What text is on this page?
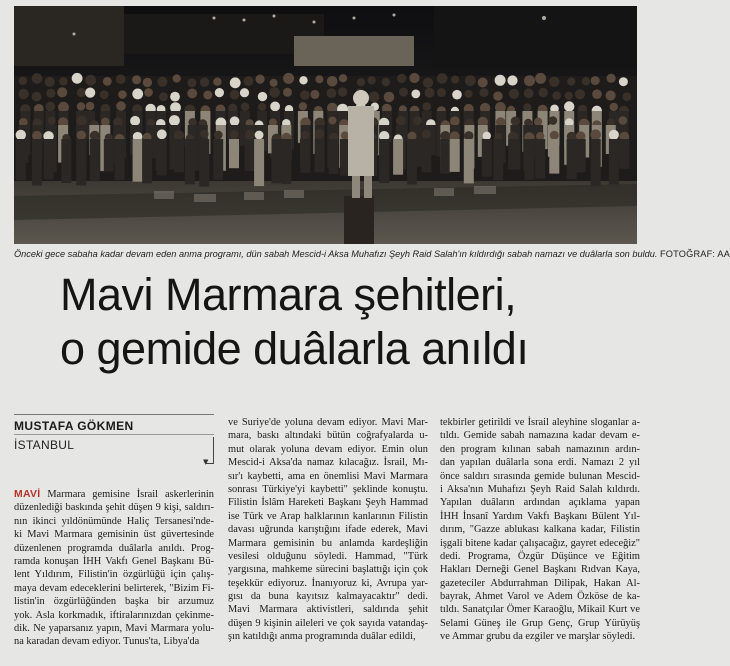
Önceki gece sabaha kadar devam eden anma programı, dün sabah Mescid-i Aksa Muhafızı Şeyh Raid Salah'ın kıldırdığı sabah namazı ve duâlarla son buldu. FOTOĞRAF: AA
Mavi Marmara şehitleri,
o gemide duâlarla anıldı
MUSTAFA GÖKMEN
İSTANBUL
▼
MAVİ Marmara gemisine İsrail askerlerinin
düzenlediği baskında şehit düşen 9 kişi, saldırı-
nın ikinci yıldönümünde Haliç Tersanesi'nde-
ki Mavi Marmara gemisinin üst güvertesinde
düzenlenen programda duâlarla anıldı. Prog-
ramda konuşan İHH Vakfı Genel Başkanı Bü-
lent Yıldırım, Filistin'in özgürlüğü için çalış-
maya devam edeceklerini belirterek, "Bizim Fi-
listin'in özgürlüğünden başka bir arzumuz
yok. Asla korkmadık, iftiralarınızdan çekinme-
dik. Ne yaparsanız yapın, Mavi Marmara yolu-
na karadan devam ediyor. Tunus'ta, Libya'da
ve Suriye'de yoluna devam ediyor. Mavi Mar-
mara, baskı altındaki bütün coğrafyalarda u-
mut olarak yoluna devam ediyor. Emin olun
Mescid-i Aksa'da namaz kılacağız. İsrail, Mı-
sır'ı kaybetti, ama en önemlisi Mavi Marmara
sonrası Türkiye'yi kaybetti" şeklinde konuştu.
Filistin İslâm Hareketi Başkanı Şeyh Hammad
ise Türk ve Arap halklarının kanlarının Filistin
davası uğrunda karıştığını ifade ederek, Mavi
Marmara gemisinin bu anlamda kardeşliğin
vesilesi olduğunu söyledi. Hammad, "Türk
yargısına, mahkeme sürecini başlattığı için çok
teşekkür ediyoruz. İnanıyoruz ki, Avrupa yar-
gısı da buna kayıtsız kalmayacaktır" dedi.
Mavi Marmara aktivistleri, saldırıda şehit
düşen 9 kişinin aileleri ve çok sayıda vatandaş-
şın katıldığı anma programında duâlar edildi,
tekbirler getirildi ve İsrail aleyhine sloganlar a-
tıldı. Gemide sabah namazına kadar devam e-
den program kılınan sabah namazının ardın-
dan yapılan duâlarla sona erdi. Namazı 2 yıl
önce saldırı sırasında gemide bulunan Mescid-
i Aksa'nın Muhafızı Şeyh Raid Salah kıldırdı.
Yapılan duâların ardından açıklama yapan
İHH İnsanî Yardım Vakfı Başkanı Bülent Yıl-
dırım, "Gazze ablukası kalkana kadar, Filistin
işgali bitene kadar çalışacağız, gayret edeceğiz"
dedi. Programa, Özgür Düşünce ve Eğitim
Hakları Derneği Genel Başkanı Rıdvan Kaya,
gazeteciler Abdurrahman Dilipak, Hakan Al-
bayrak, Ahmet Varol ve Adem Özköse de ka-
tıldı. Sanatçılar Ömer Karaoğlu, Mikail Kurt ve
Selami Güneş ile Grup Genç, Grup Yürüyüş
ve Ammar grubu da ezgiler ve marşlar söyledi.
